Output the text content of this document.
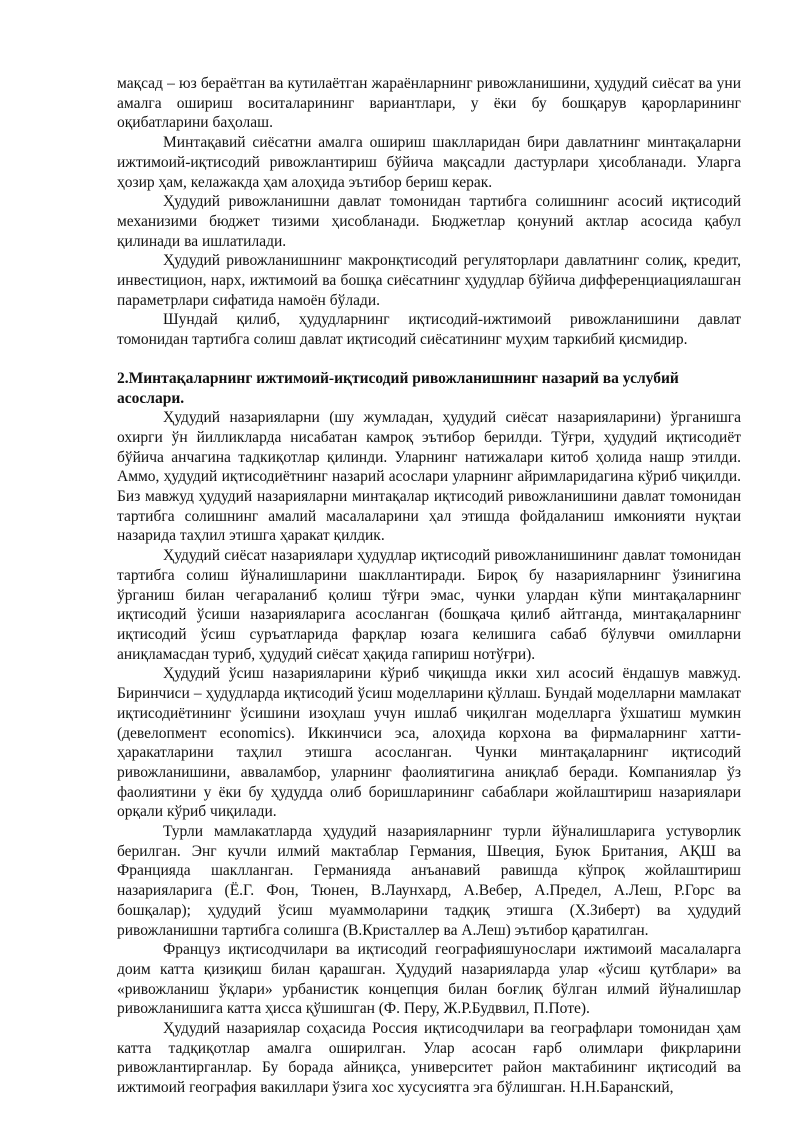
мақсад – юз бераётган ва кутилаётган жараёнларнинг ривожланишини, ҳудудий сиёсат ва уни амалга ошириш воситаларининг вариантлари, у ёки бу бошқарув қарорларининг оқибатларини баҳолаш.

Минтақавий сиёсатни амалга ошириш шаклларидан бири давлатнинг минтақаларни ижтимоий-иқтисодий ривожлантириш бўйича мақсадли дастурлари ҳисобланади. Уларга ҳозир ҳам, келажакда ҳам алоҳида эътибор бериш керак.

Ҳудудий ривожланишни давлат томонидан тартибга солишнинг асосий иқтисодий механизими бюджет тизими ҳисобланади. Бюджетлар қонуний актлар асосида қабул қилинади ва ишлатилади.

Ҳудудий ривожланишнинг макронқтисодий регуляторлари давлатнинг солиқ, кредит, инвестицион, нарх, ижтимоий ва бошқа сиёсатнинг ҳудудлар бўйича дифференциациялашган параметрлари сифатида намоён бўлади.

Шундай қилиб, ҳудудларнинг иқтисодий-ижтимоий ривожланишини давлат томонидан тартибга солиш давлат иқтисодий сиёсатининг муҳим таркибий қисмидир.

2.Минтақаларнинг ижтимоий-иқтисодий ривожланишнинг назарий ва услубий асослари.

Ҳудудий назарияларни (шу жумладан, ҳудудий сиёсат назарияларини) ўрганишга охирги ўн йилликларда нисабатан камроқ эътибор берилди. Тўғри, ҳудудий иқтисодиёт бўйича анчагина тадкиқотлар қилинди. Уларнинг натижалари китоб ҳолида нашр этилди. Аммо, ҳудудий иқтисодиётнинг назарий асослари уларнинг айримларидагина кўриб чиқилди. Биз мавжуд ҳудудий назарияларни минтақалар иқтисодий ривожланишини давлат томонидан тартибга солишнинг амалий масалаларини ҳал этишда фойдаланиш имконияти нуқтаи назарида таҳлил этишга ҳаракат қилдик.

Ҳудудий сиёсат назариялари ҳудудлар иқтисодий ривожланишининг давлат томонидан тартибга солиш йўналишларини шакллантиради. Бироқ бу назарияларнинг ўзинигина ўрганиш билан чегараланиб қолиш тўғри эмас, чунки улардан кўпи минтақаларнинг иқтисодий ўсиши назарияларига асосланган (бошқача қилиб айтганда, минтақаларнинг иқтисодий ўсиш суръатларида фарқлар юзага келишига сабаб бўлувчи омилларни аниқламасдан туриб, ҳудудий сиёсат ҳақида гапириш нотўғри).

Ҳудудий ўсиш назарияларини кўриб чиқишда икки хил асосий ёндашув мавжуд. Биринчиси – ҳудудларда иқтисодий ўсиш моделларини қўллаш. Бундай моделларни мамлакат иқтисодиётининг ўсишини изоҳлаш учун ишлаб чиқилган моделларга ўхшатиш мумкин (девелопмент economics). Иккинчиси эса, алоҳида корхона ва фирмаларнинг хатти-ҳаракатларини таҳлил этишга асосланган. Чунки минтақаларнинг иқтисодий ривожланишини, авваламбор, уларнинг фаолиятигина аниқлаб беради. Компаниялар ўз фаолиятини у ёки бу ҳудудда олиб боришларининг сабаблари жойлаштириш назариялари орқали кўриб чиқилади.

Турли мамлакатларда ҳудудий назарияларнинг турли йўналишларига устуворлик берилган. Энг кучли илмий мактаблар Германия, Швеция, Буюк Британия, АҚШ ва Францияда шаклланган. Германияда анъанавий равишда кўпроқ жойлаштириш назарияларига (Ё.Г. Фон, Тюнен, В.Лаунхард, А.Вебер, А.Предел, А.Леш, Р.Горс ва бошқалар); ҳудудий ўсиш муаммоларини тадқиқ этишга (Х.Зиберт) ва ҳудудий ривожланишни тартибга солишга (В.Кристаллер ва А.Леш) эътибор қаратилган.

Француз иқтисодчилари ва иқтисодий географияшунослари ижтимоий масалаларга доим катта қизиқиш билан қарашган. Ҳудудий назарияларда улар «ўсиш қутблари» ва «ривожланиш ўқлари» урбанистик концепция билан боғлиқ бўлган илмий йўналишлар ривожланишига катта ҳисса қўшишган (Ф. Перу, Ж.Р.Будввил, П.Поте).

Ҳудудий назариялар соҳасида Россия иқтисодчилари ва географлари томонидан ҳам катта тадқиқотлар амалга оширилган. Улар асосан ғарб олимлари фикрларини ривожлантирганлар. Бу борада айниқса, университет район мактабининг иқтисодий ва ижтимоий география вакиллари ўзига хос хусусиятга эга бўлишган. Н.Н.Баранский,
